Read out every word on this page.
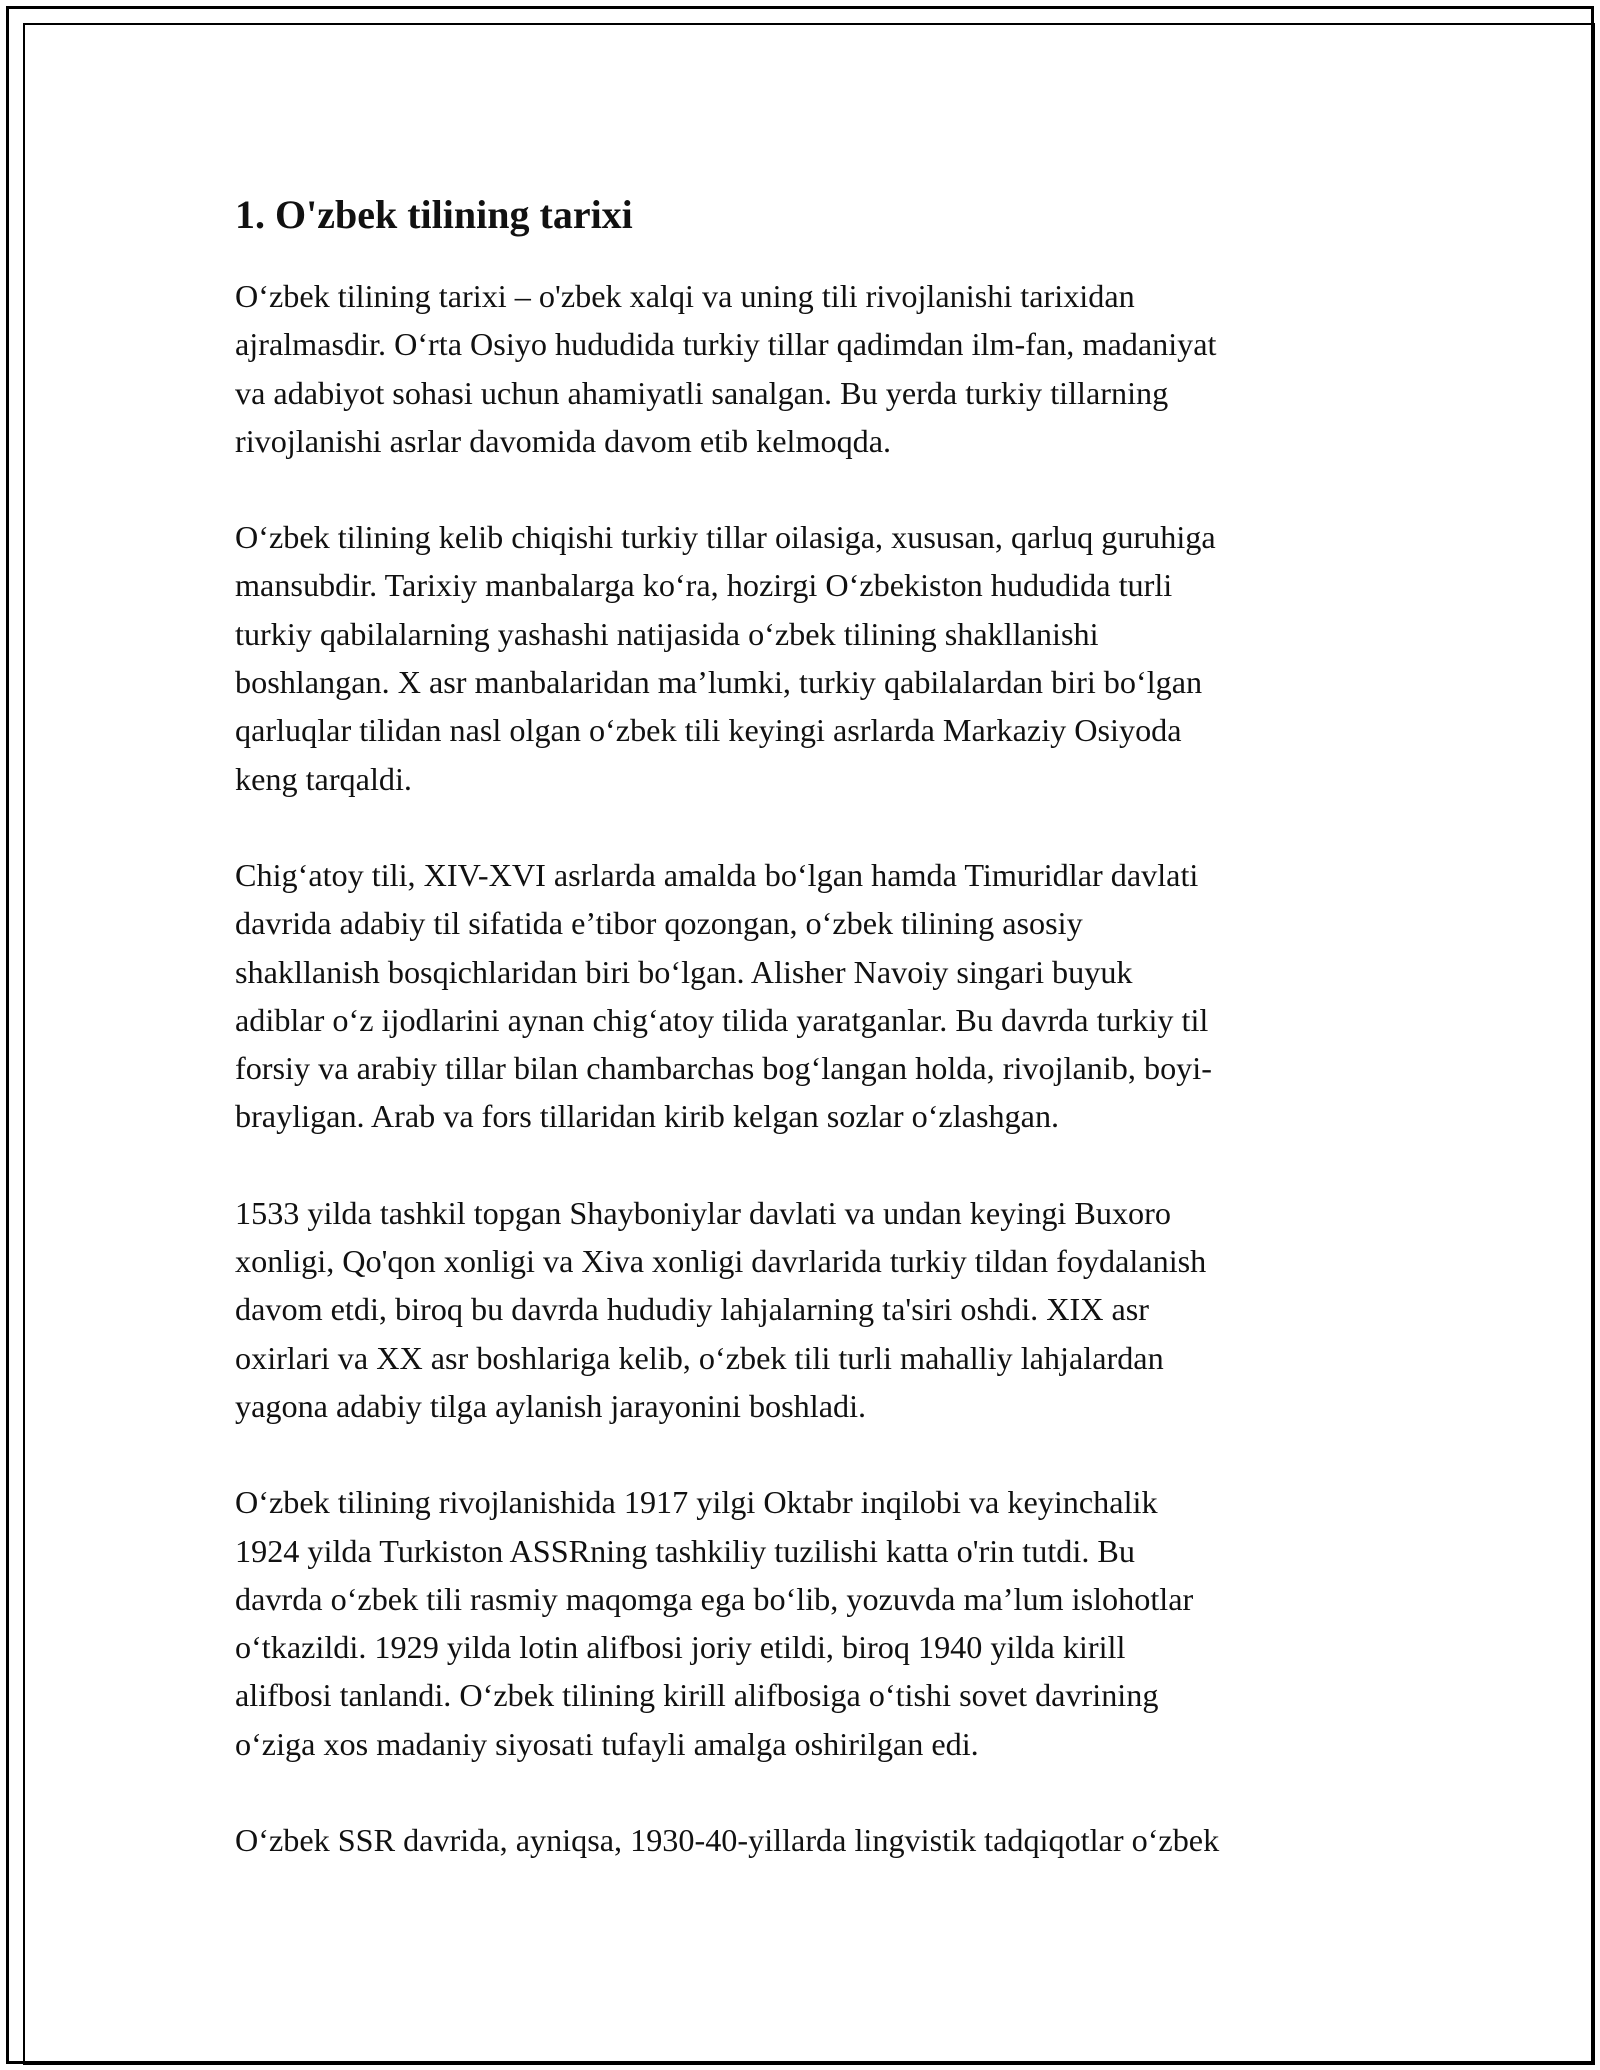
1. O'zbek tilining tarixi

O‘zbek tilining tarixi – o'zbek xalqi va uning tili rivojlanishi tarixidan
ajralmasdir. O‘rta Osiyo hududida turkiy tillar qadimdan ilm-fan, madaniyat
va adabiyot sohasi uchun ahamiyatli sanalgan. Bu yerda turkiy tillarning
rivojlanishi asrlar davomida davom etib kelmoqda.

O‘zbek tilining kelib chiqishi turkiy tillar oilasiga, xususan, qarluq guruhiga
mansubdir. Tarixiy manbalarga ko‘ra, hozirgi O‘zbekiston hududida turli
turkiy qabilalarning yashashi natijasida o‘zbek tilining shakllanishi
boshlangan. X asr manbalaridan ma’lumki, turkiy qabilalardan biri bo‘lgan
qarluqlar tilidan nasl olgan o‘zbek tili keyingi asrlarda Markaziy Osiyoda
keng tarqaldi.

Chig‘atoy tili, XIV-XVI asrlarda amalda bo‘lgan hamda Timuridlar davlati
davrida adabiy til sifatida e’tibor qozongan, o‘zbek tilining asosiy
shakllanish bosqichlaridan biri bo‘lgan. Alisher Navoiy singari buyuk
adiblar o‘z ijodlarini aynan chig‘atoy tilida yaratganlar. Bu davrda turkiy til
forsiy va arabiy tillar bilan chambarchas bog‘langan holda, rivojlanib, boyi-
brayligan. Arab va fors tillaridan kirib kelgan sozlar o‘zlashgan.

1533 yilda tashkil topgan Shayboniylar davlati va undan keyingi Buxoro
xonligi, Qo'qon xonligi va Xiva xonligi davrlarida turkiy tildan foydalanish
davom etdi, biroq bu davrda hududiy lahjalarning ta'siri oshdi. XIX asr
oxirlari va XX asr boshlariga kelib, o‘zbek tili turli mahalliy lahjalardan
yagona adabiy tilga aylanish jarayonini boshladi.

O‘zbek tilining rivojlanishida 1917 yilgi Oktabr inqilobi va keyinchalik
1924 yilda Turkiston ASSRning tashkiliy tuzilishi katta o'rin tutdi. Bu
davrda o‘zbek tili rasmiy maqomga ega bo‘lib, yozuvda ma’lum islohotlar
o‘tkazildi. 1929 yilda lotin alifbosi joriy etildi, biroq 1940 yilda kirill
alifbosi tanlandi. O‘zbek tilining kirill alifbosiga o‘tishi sovet davrining
o‘ziga xos madaniy siyosati tufayli amalga oshirilgan edi.

O‘zbek SSR davrida, ayniqsa, 1930-40-yillarda lingvistik tadqiqotlar o‘zbek
